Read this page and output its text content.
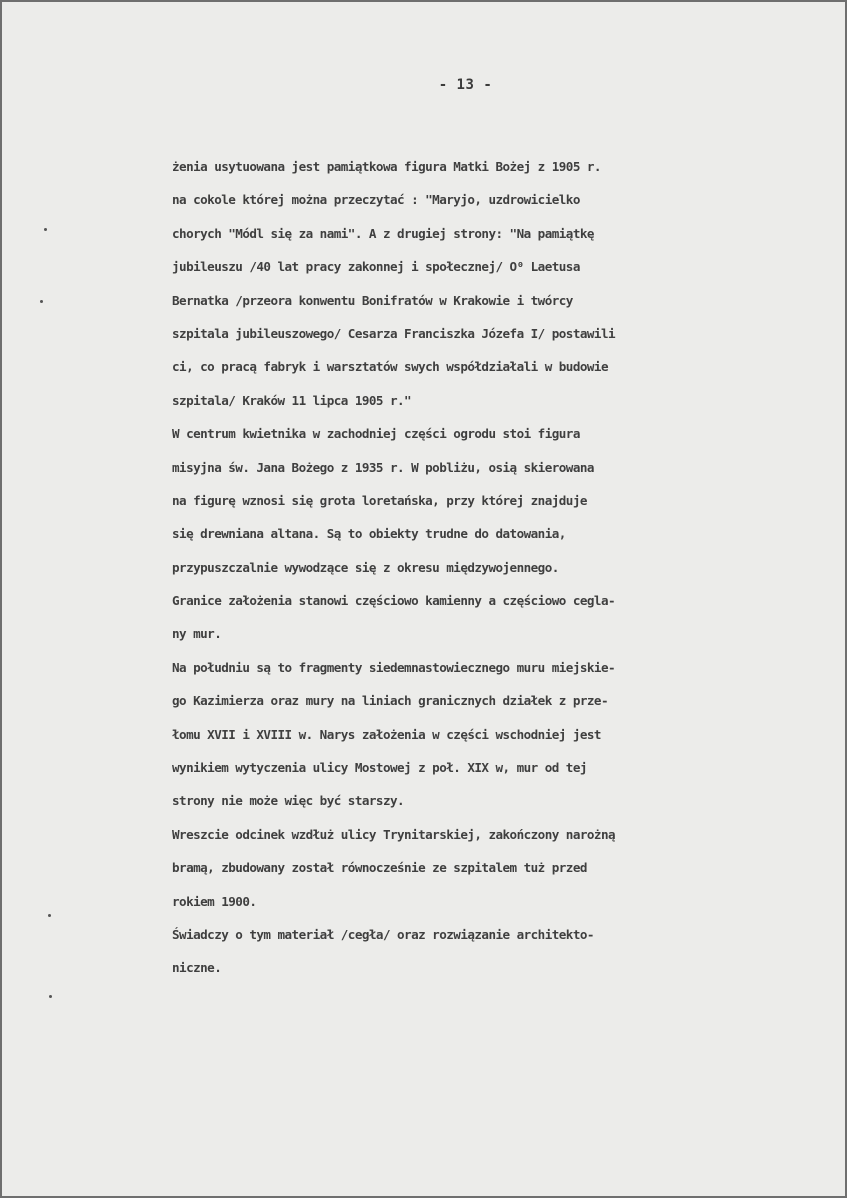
- 13 -
żenia usytuowana jest pamiątkowa figura Matki Bożej z 1905 r.
na cokole której można przeczytać : "Maryjo, uzdrowicielko
chorych "Módl się za nami". A z drugiej strony: "Na pamiątkę
jubileuszu /40 lat pracy zakonnej i społecznej/ O⁰ Laetusa
Bernatka /przeora konwentu Bonifratów w Krakowie i twórcy
szpitala jubileuszowego/ Cesarza Franciszka Józefa I/ postawili
ci, co pracą fabryk i warsztatów swych współdziałali w budowie
szpitala/ Kraków 11 lipca 1905 r."
W centrum kwietnika w zachodniej części ogrodu stoi figura
misyjna św. Jana Bożego z 1935 r. W pobliżu, osią skierowana
na figurę wznosi się grota loretańska, przy której znajduje
się drewniana altana. Są to obiekty trudne do datowania,
przypuszczalnie wywodzące się z okresu międzywojennego.
Granice założenia stanowi częściowo kamienny a częściowo cegla-
ny mur.
Na południu są to fragmenty siedemnastowiecznego muru miejskie-
go Kazimierza oraz mury na liniach granicznych działek z prze-
łomu XVII i XVIII w. Narys założenia w części wschodniej jest
wynikiem wytyczenia ulicy Mostowej z poł. XIX w, mur od tej
strony nie może więc być starszy.
Wreszcie odcinek wzdłuż ulicy Trynitarskiej, zakończony narożną
bramą, zbudowany został równocześnie ze szpitalem tuż przed
rokiem 1900.
Świadczy o tym materiał /cegła/ oraz rozwiązanie architekto-
niczne.
